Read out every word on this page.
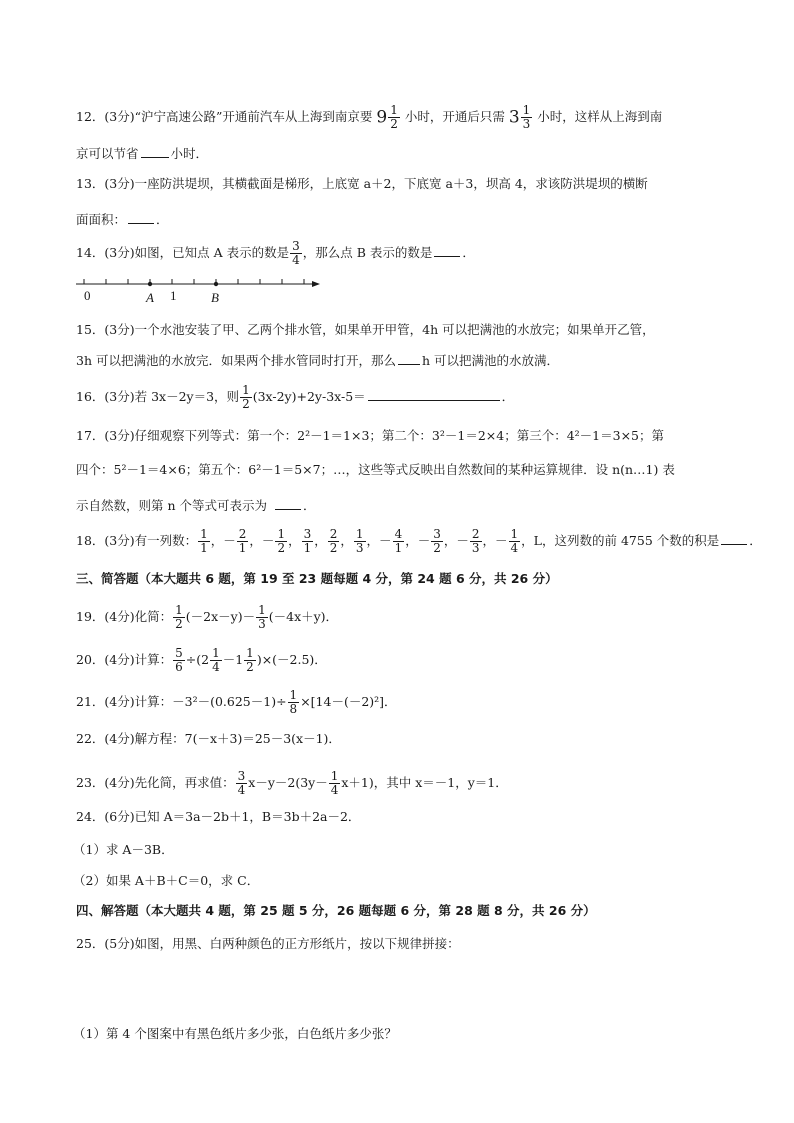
12．(3分)“沪宁高速公路”开通前汽车从上海到南京要 $9 \frac{1}{2}$ 小时，开通后只需 $3 \frac{1}{3}$ 小时，这样从上海到南
京可以节省	小时．
13．(3分)一座防洪堤坝，其横截面是梯形，上底宽 a＋2，下底宽 a＋3，坝高 4，求该防洪堤坝的横断
面面积： ．
14．(3分)如图，已知点 A 表示的数是 $\frac{3}{4}$ ，那么点 B 表示的数是 ．
0	A 1	B
15．(3分)一个水池安装了甲、乙两个排水管，如果单开甲管，4h 可以把满池的水放完；如果单开乙管，
3h 可以把满池的水放完．如果两个排水管同时打开，那么 h 可以把满池的水放满．
16．(3分)若 3x－2y＝3，则 $\frac{1}{2} (3x-2y)+2y-3x-5=$	．
17．(3分)仔细观察下列等式：第一个：2²－1＝1×3；第二个：3²－1＝2×4；第三个：4²－1＝3×5；第
四个：5²－1＝4×6；第五个：6²－1＝5×7；…，这些等式反映出自然数间的某种运算规律．设 n(n…1) 表
示自然数，则第 n 个等式可表示为	．
18．(3分)有一列数： $\frac{1}{1}$ ，－ $\frac{2}{1}$ ，－ $\frac{1}{2}$ ， $\frac{3}{1}$ ， $\frac{2}{2}$ ， $\frac{1}{3}$ ，－ $\frac{4}{1}$ ，－ $\frac{3}{2}$ ，－ $\frac{2}{3}$ ，－ $\frac{1}{4}$ ，L，这列数的前 4755 个数的积是 ．
三、简答题（本大题共 6 题，第 19 至 23 题每题 4 分，第 24 题 6 分，共 26 分）
19．(4分)化简： $\frac{1}{2} (-2x-y)- \frac{1}{3} (-4x+y)$．
20．(4分)计算： $\frac{5}{6} \div(2 \frac{1}{4} -1 \frac{1}{2} )\times(-2.5)$．
21．(4分)计算：$-3^2-(0.625-1)\div \frac{1}{8} \times[14-(-2)^2]$．
22．(4分)解方程：7(－x＋3)＝25－3(x－1)．
23．(4分)先化简，再求值： $\frac{3}{4} x-y-2(3y- \frac{1}{4} x+1)$，其中 x＝－1，y＝1．
24．(6分)已知 A＝3a－2b＋1，B＝3b＋2a－2．
（1）求 A－3B．
（2）如果 A＋B＋C＝0，求 C．
四、解答题（本大题共 4 题，第 25 题 5 分，26 题每题 6 分，第 28 题 8 分，共 26 分）
25．(5分)如图，用黑、白两种颜色的正方形纸片，按以下规律拼接：
（1）第 4 个图案中有黑色纸片多少张，白色纸片多少张？
